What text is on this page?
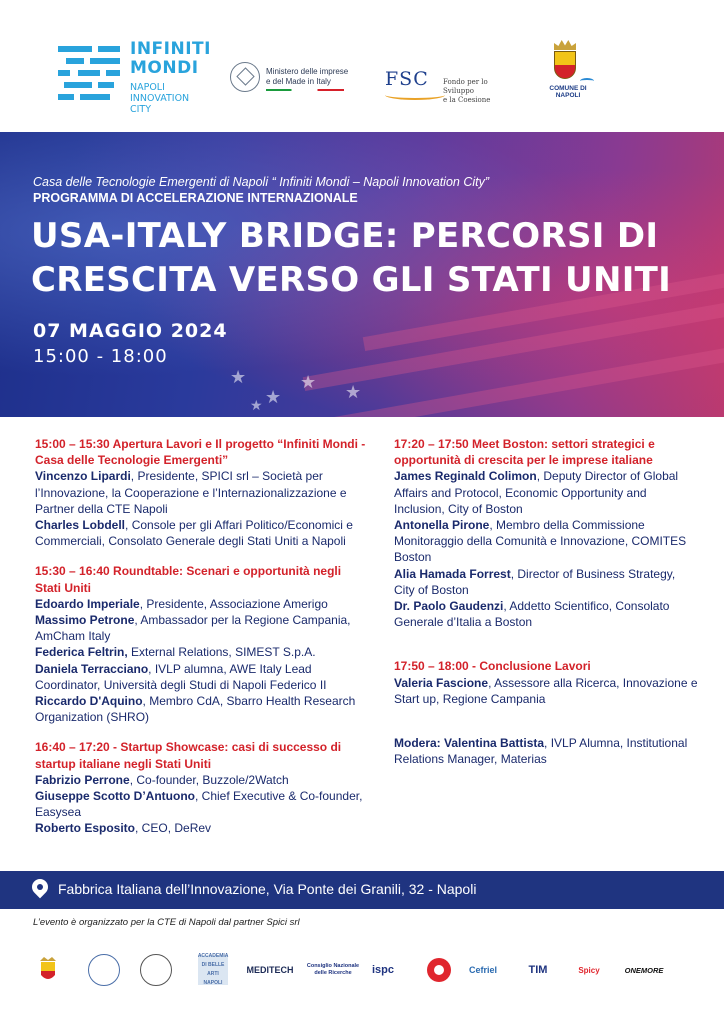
INFINITI
MONDI
NAPOLI
INNOVATION CITY
Ministero delle imprese
e del Made in Italy	FSC	Fondo per lo Sviluppo
e la Coesione
COMUNE DI NAPOLI
★
★
★ ★
★
Casa delle Tecnologie Emergenti di Napoli “ Infiniti Mondi – Napoli Innovation City”
PROGRAMMA DI ACCELERAZIONE INTERNAZIONALE
USA-ITALY BRIDGE: PERCORSI DI
CRESCITA VERSO GLI STATI UNITI
07 MAGGIO 2024
15:00 - 18:00
15:00 – 15:30 Apertura Lavori e Il progetto “Infiniti Mondi - Casa delle Tecnologie Emergenti”
Vincenzo Lipardi, Presidente, SPICI srl – Società per l’Innovazione, la Cooperazione e l’Internazionalizzazione e Partner della CTE Napoli
Charles Lobdell, Console per gli Affari Politico/Economici e Commerciali, Consolato Generale degli Stati Uniti a Napoli
15:30 – 16:40 Roundtable: Scenari e opportunità negli Stati Uniti
Edoardo Imperiale, Presidente, Associazione Amerigo
Massimo Petrone, Ambassador per la Regione Campania, AmCham Italy
Federica Feltrin, External Relations, SIMEST S.p.A.
Daniela Terracciano, IVLP alumna, AWE Italy Lead Coordinator, Università degli Studi di Napoli Federico II
Riccardo D'Aquino, Membro CdA, Sbarro Health Research Organization (SHRO)
16:40 – 17:20 - Startup Showcase: casi di successo di startup italiane negli Stati Uniti
Fabrizio Perrone, Co-founder, Buzzole/2Watch
Giuseppe Scotto D’Antuono, Chief Executive & Co-founder, Easysea
Roberto Esposito, CEO, DeRev
17:20 – 17:50 Meet Boston: settori strategici e opportunità di crescita per le imprese italiane
James Reginald Colimon, Deputy Director of Global Affairs and Protocol, Economic Opportunity and Inclusion, City of Boston
Antonella Pirone, Membro della Commissione Monitoraggio della Comunità e Innovazione, COMITES Boston
Alia Hamada Forrest, Director of Business Strategy, City of Boston
Dr. Paolo Gaudenzi, Addetto Scientifico, Consolato Generale d’Italia a Boston
17:50 – 18:00 - Conclusione Lavori
Valeria Fascione, Assessore alla Ricerca, Innovazione e Start up, Regione Campania
Modera: Valentina Battista, IVLP Alumna, Institutional Relations Manager, Materias
Fabbrica Italiana dell’Innovazione, Via Ponte dei Granili, 32 - Napoli
L’evento è organizzato per la CTE di Napoli dal partner Spici srl
ACCADEMIA DI BELLE ARTI NAPOLI
MEDITECH Consiglio Nazionale
delle Ricerche	ispc	Cefriel	TIM	Spicy	ONEMORE
